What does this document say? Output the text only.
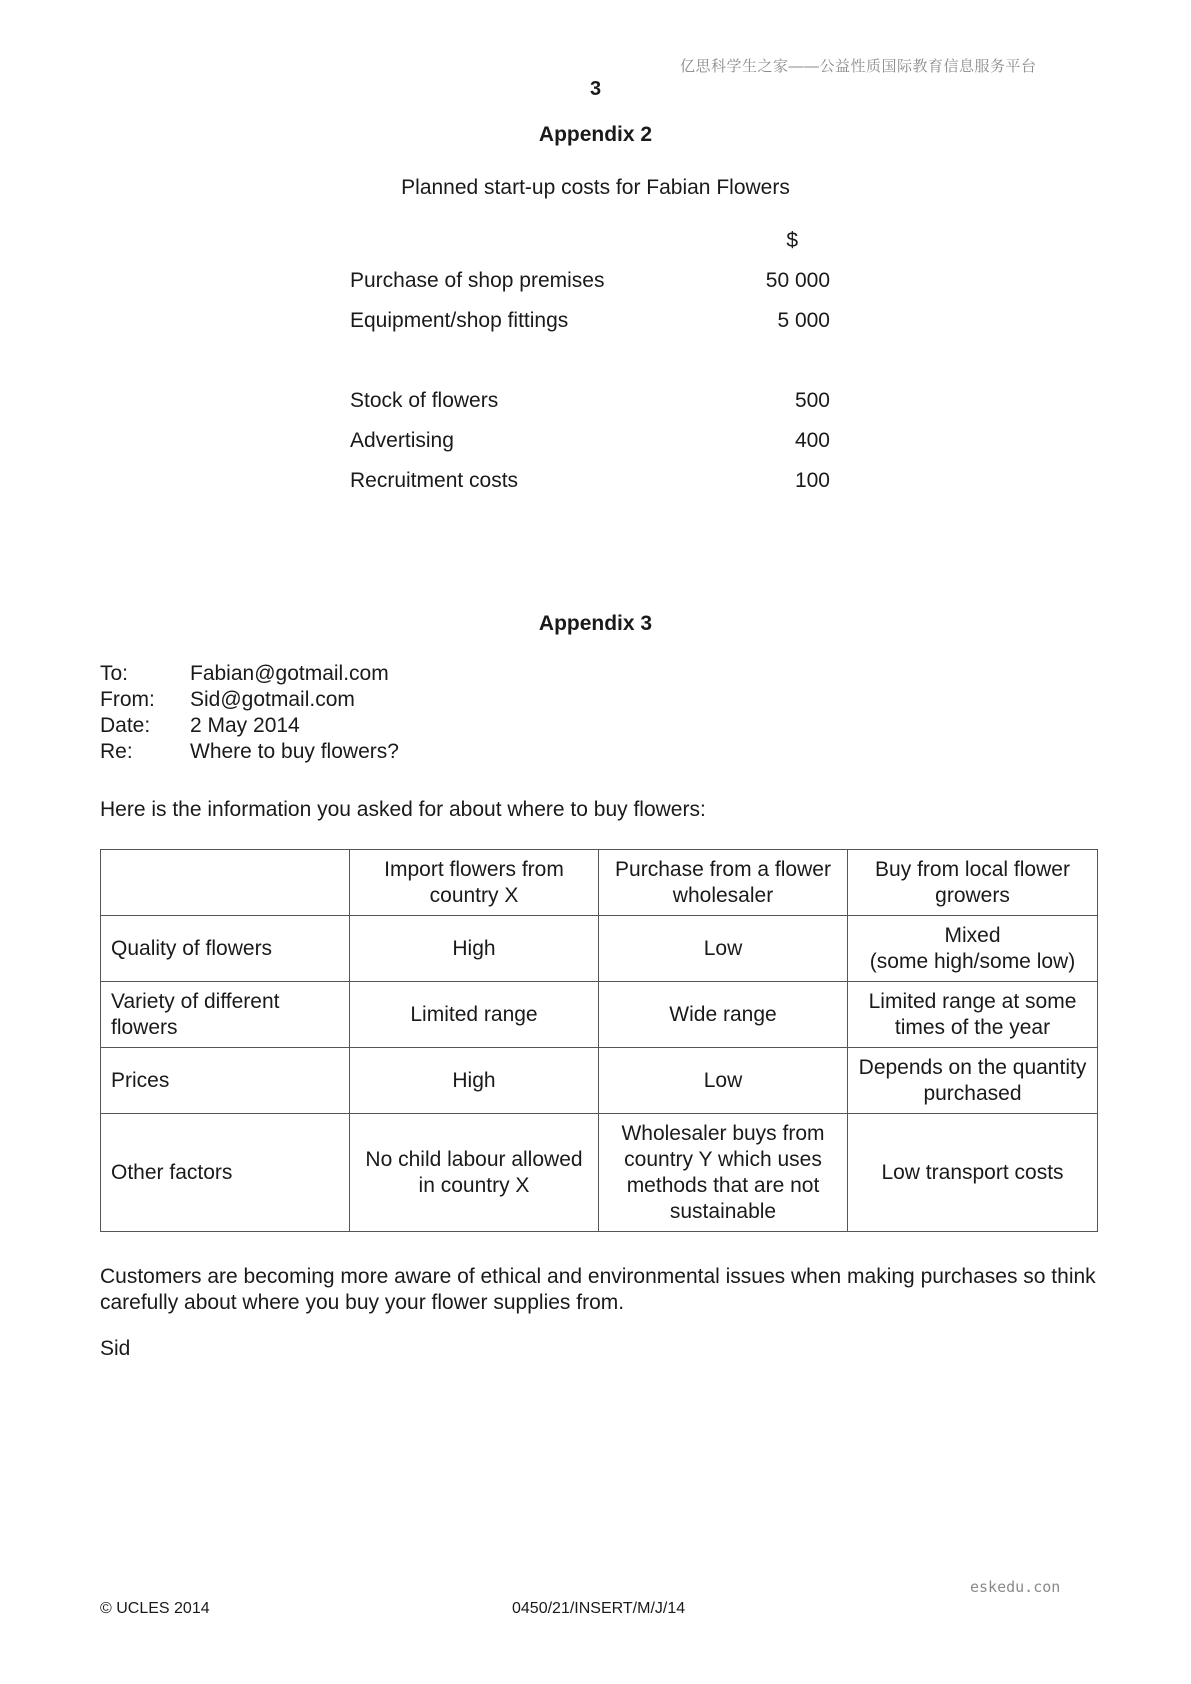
亿思科学生之家——公益性质国际教育信息服务平台
3
Appendix 2
Planned start-up costs for Fabian Flowers
$
Purchase of shop premises	50 000
Equipment/shop fittings	5 000
Stock of flowers	500
Advertising	400
Recruitment costs	100
Appendix 3
To:	Fabian@gotmail.com
From: Sid@gotmail.com
Date: 2 May 2014
Re:	Where to buy flowers?
Here is the information you asked for about where to buy flowers:
	Import flowers from country X	Purchase from a flower wholesaler	Buy from local flower growers
Quality of flowers	High	Low	Mixed
(some high/some low)
Variety of different flowers	Limited range	Wide range	Limited range at some times of the year
Prices	High	Low	Depends on the quantity purchased
Other factors	No child labour allowed in country X	Wholesaler buys from country Y which uses methods that are not sustainable	Low transport costs
Customers are becoming more aware of ethical and environmental issues when making purchases so think carefully about where you buy your flower supplies from.
Sid
eskedu.con
© UCLES 2014	0450/21/INSERT/M/J/14
